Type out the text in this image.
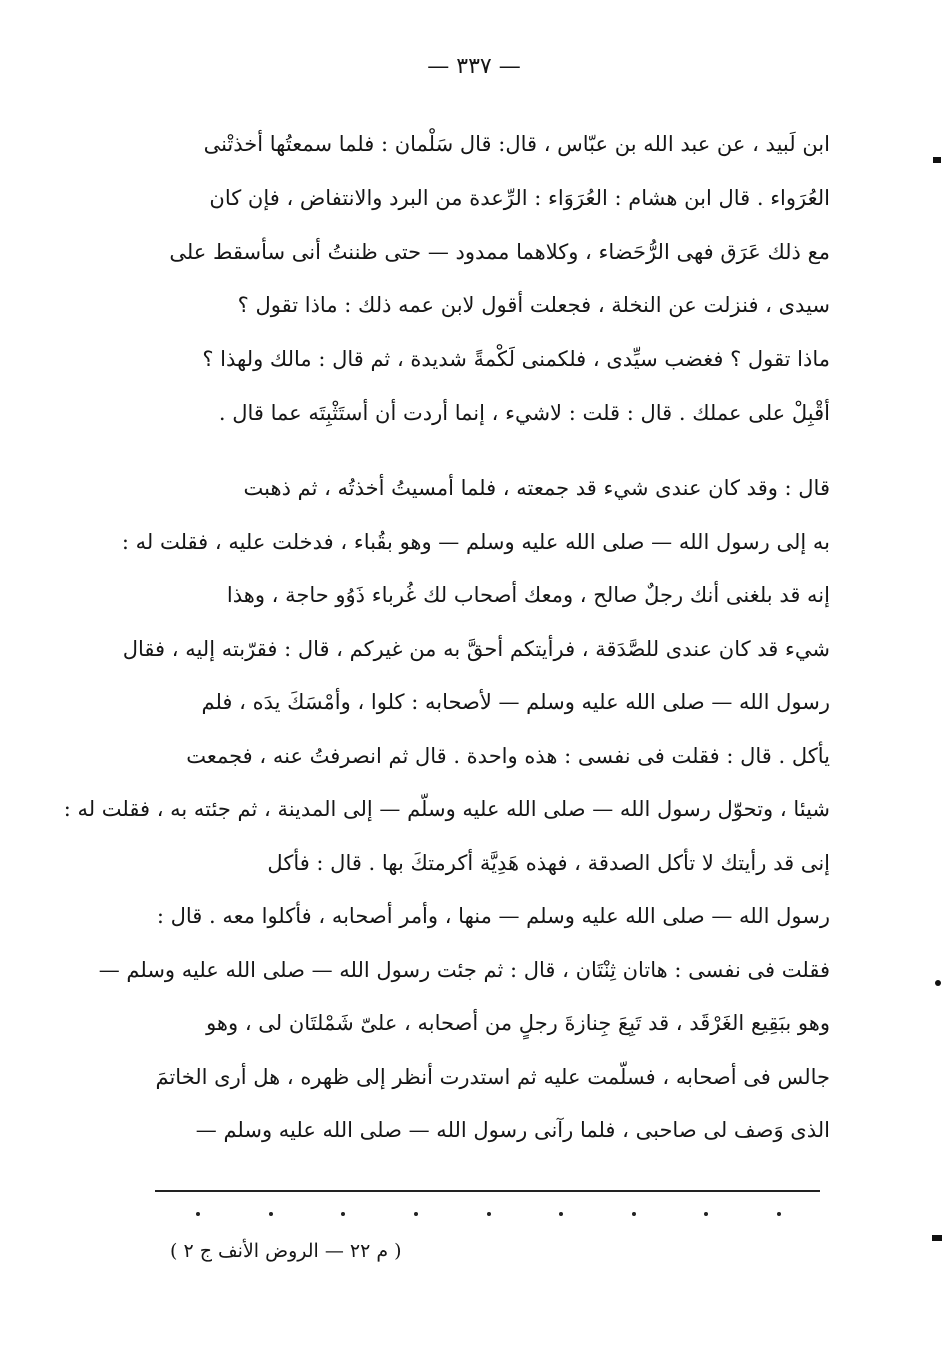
— ٣٣٧ —
ابن لَبيد ، عن عبد الله بن عبّاس ، قال: قال سَلْمان : فلما سمعتُها أخذتْنى
العُرَواء . قال ابن هشام : العُرَوَاء : الرِّعدة من البرد والانتفاض ، فإن كان
مع ذلك عَرَق فهى الرُّحَضاء ، وكلاهما ممدود — حتى ظننتُ أنى سأسقط على
سيدى ، فنزلت عن النخلة ، فجعلت أقول لابن عمه ذلك : ماذا تقول ؟
ماذا تقول ؟ فغضب سيِّدى ، فلكمنى لَكْمةً شديدة ، ثم قال : مالك ولهذا ؟
أقْبِلْ على عملك . قال : قلت : لاشيء ، إنما أردت أن أستَثْبِتَه عما قال .
قال : وقد كان عندى شيء قد جمعته ، فلما أمسيتُ أخذتُه ، ثم ذهبت
به إلى رسول الله — صلى الله عليه وسلم — وهو بقُباء ، فدخلت عليه ، فقلت له :
إنه قد بلغنى أنك رجلٌ صالح ، ومعك أصحاب لك غُرباء ذَوُو حاجة ، وهذا
شيء قد كان عندى للصَّدَقة ، فرأيتكم أحقَّ به من غيركم ، قال : فقرّبته إليه ، فقال
رسول الله — صلى الله عليه وسلم — لأصحابه : كلوا ، وأمْسَكَ يدَه ، فلم
يأكل . قال : فقلت فى نفسى : هذه واحدة . قال ثم انصرفتُ عنه ، فجمعت
شيئا ، وتحوّل رسول الله — صلى الله عليه وسلّم — إلى المدينة ، ثم جئته به ، فقلت له :
إنى قد رأيتك لا تأكل الصدقة ، فهذه هَدِيَّة أكرمتكَ بها . قال : فأكل
رسول الله — صلى الله عليه وسلم — منها ، وأمر أصحابه ، فأكلوا معه . قال :
فقلت فى نفسى : هاتان ثِنْتَان ، قال : ثم جئت رسول الله — صلى الله عليه وسلم —
وهو ببَقِيع الغَرْقَد ، قد تَبِعَ جِنازةَ رجلٍ من أصحابه ، علىّ شَمْلتَان لى ، وهو
جالس فى أصحابه ، فسلّمت عليه ثم استدرت أنظر إلى ظهره ، هل أرى الخاتمَ
الذى وَصف لى صاحبى ، فلما رآنى رسول الله — صلى الله عليه وسلم —
( م ٢٢ — الروض الأنف ج ٢ )
